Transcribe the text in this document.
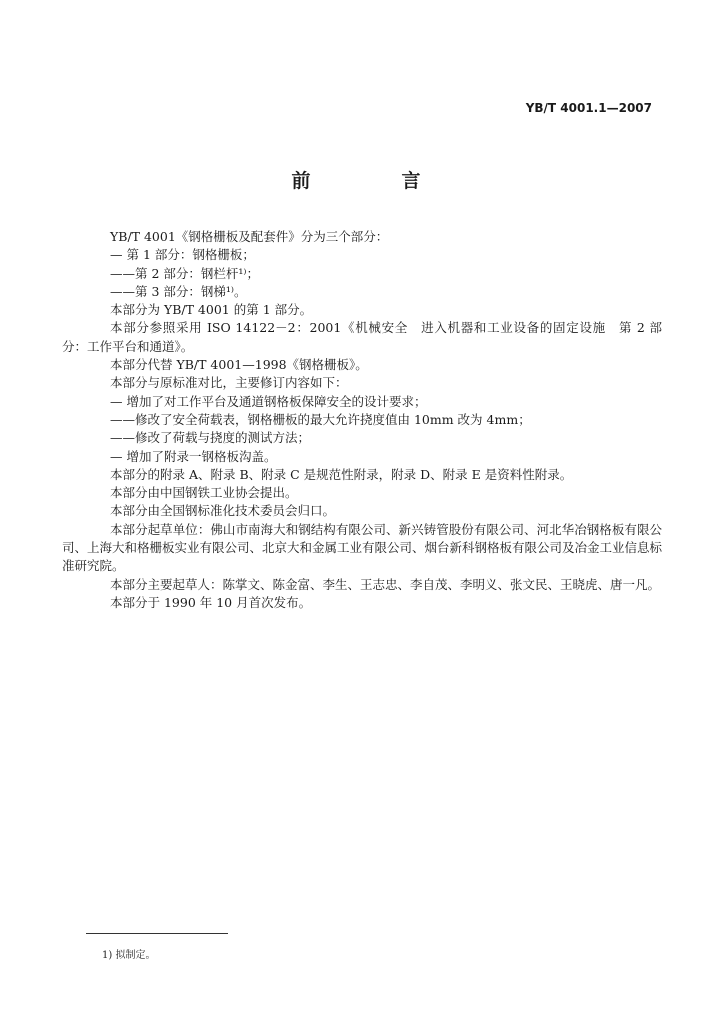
YB/T 4001.1—2007
前　言

YB/T 4001《钢格栅板及配套件》分为三个部分：

— 第 1 部分：钢格栅板；

——第 2 部分：钢栏杆¹⁾；

——第 3 部分：钢梯¹⁾。

本部分为 YB/T 4001 的第 1 部分。

本部分参照采用 ISO 14122－2：2001《机械安全　进入机器和工业设备的固定设施　第 2 部分：工作平台和通道》。

本部分代替 YB/T 4001—1998《钢格栅板》。

本部分与原标准对比，主要修订内容如下：

— 增加了对工作平台及通道钢格板保障安全的设计要求；

——修改了安全荷载表，钢格栅板的最大允许挠度值由 10mm 改为 4mm；

——修改了荷载与挠度的测试方法；

— 增加了附录一钢格板沟盖。

本部分的附录 A、附录 B、附录 C 是规范性附录，附录 D、附录 E 是资料性附录。

本部分由中国钢铁工业协会提出。

本部分由全国钢标准化技术委员会归口。

本部分起草单位：佛山市南海大和钢结构有限公司、新兴铸管股份有限公司、河北华冶钢格板有限公司、上海大和格栅板实业有限公司、北京大和金属工业有限公司、烟台新科钢格板有限公司及冶金工业信息标准研究院。

本部分主要起草人：陈掌文、陈金富、李生、王志忠、李自茂、李明义、张文民、王晓虎、唐一凡。

本部分于 1990 年 10 月首次发布。

1) 拟制定。
